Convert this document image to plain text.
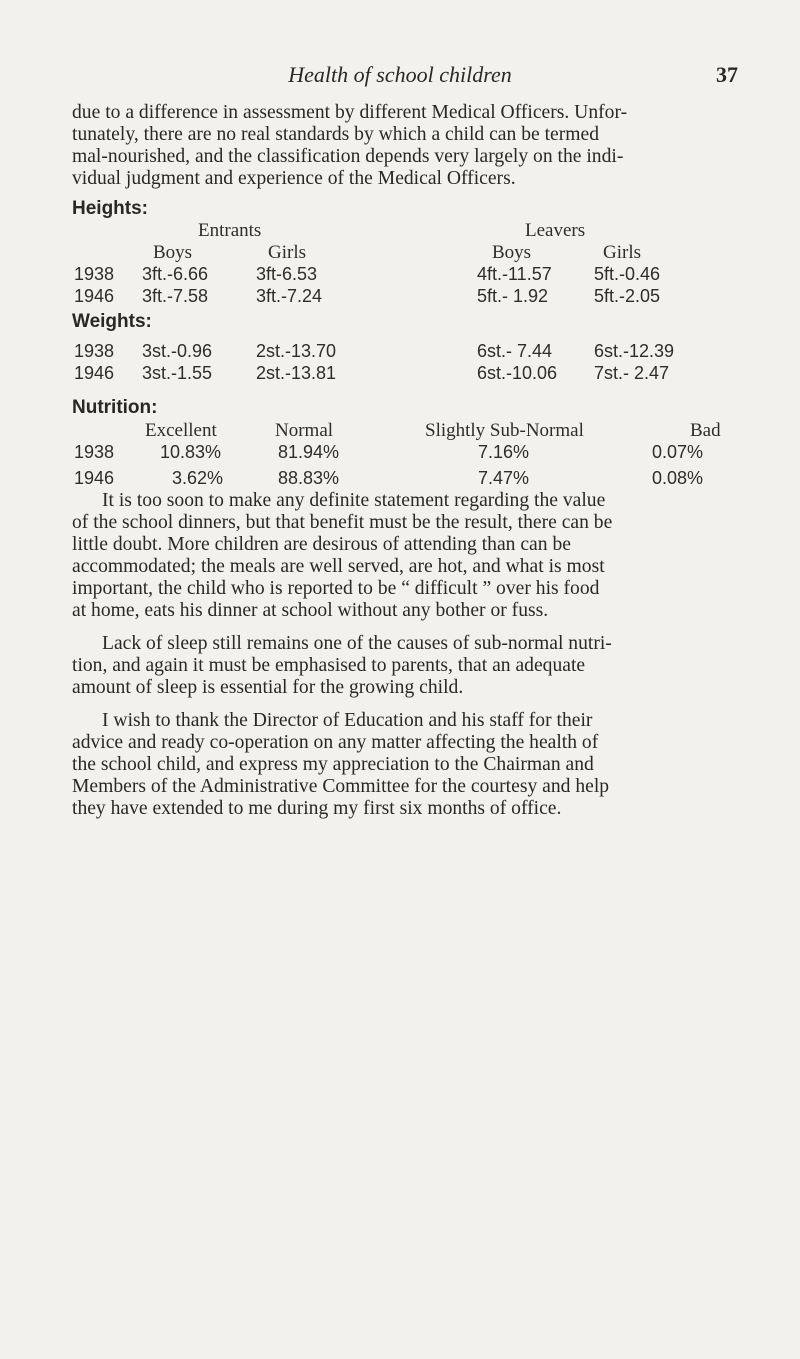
Health of school children	37
due to a difference in assessment by different Medical Officers. Unfor-
tunately, there are no real standards by which a child can be termed
mal-nourished, and the classification depends very largely on the indi-
vidual judgment and experience of the Medical Officers.
Heights:
Entrants	Leavers
Boys	Girls	Boys	Girls
1938 3ft.-6.66	3ft-6.53	4ft.-11.57 5ft.-0.46
1946 3ft.-7.58	3ft.-7.24	5ft.- 1.92	5ft.-2.05
Weights:
1938 3st.-0.96 2st.-13.70	6st.- 7.44 6st.-12.39
1946 3st.-1.55 2st.-13.81	6st.-10.06 7st.- 2.47
Nutrition:
Excellent	Normal	Slightly Sub-Normal	Bad
1938	10.83%	81.94%	7.16%	0.07%
1946	3.62%	88.83%	7.47%	0.08%
It is too soon to make any definite statement regarding the value
of the school dinners, but that benefit must be the result, there can be
little doubt. More children are desirous of attending than can be
accommodated; the meals are well served, are hot, and what is most
important, the child who is reported to be “ difficult ” over his food
at home, eats his dinner at school without any bother or fuss.
Lack of sleep still remains one of the causes of sub-normal nutri-
tion, and again it must be emphasised to parents, that an adequate
amount of sleep is essential for the growing child.
I wish to thank the Director of Education and his staff for their
advice and ready co-operation on any matter affecting the health of
the school child, and express my appreciation to the Chairman and
Members of the Administrative Committee for the courtesy and help
they have extended to me during my first six months of office.
